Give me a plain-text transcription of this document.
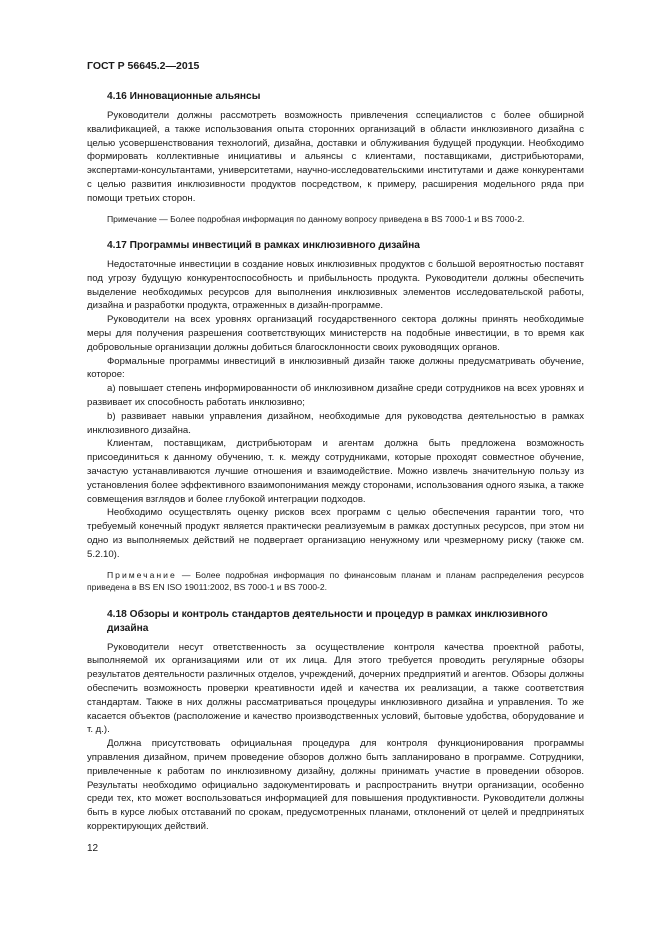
ГОСТ Р 56645.2—2015
4.16 Инновационные альянсы

Руководители должны рассмотреть возможность привлечения сспециалистов с более обширной квалификацией, а также использования опыта сторонних организаций в области инклюзивного дизайна с целью усовершенствования технологий, дизайна, доставки и облуживания будущей продукции. Необходимо формировать коллективные инициативы и альянсы с клиентами, поставщиками, дистрибьюторами, экспертами-консультантами, университетами, научно-исследовательскими институтами и даже конкурентами с целью развития инклюзивности продуктов посредством, к примеру, расширения модельного ряда при помощи третьих сторон.

Примечание — Более подробная информация по данному вопросу приведена в BS 7000-1 и BS 7000-2.

4.17 Программы инвестиций в рамках инклюзивного дизайна

Недостаточные инвестиции в создание новых инклюзивных продуктов с большой вероятностью поставят под угрозу будущую конкурентоспособность и прибыльность продукта. Руководители должны обеспечить выделение необходимых ресурсов для выполнения инклюзивных элементов исследовательской работы, дизайна и разработки продукта, отраженных в дизайн-программе.

Руководители на всех уровнях организаций государственного сектора должны принять необходимые меры для получения разрешения соответствующих министерств на подобные инвестиции, в то время как добровольные организации должны добиться благосклонности своих руководящих органов.

Формальные программы инвестиций в инклюзивный дизайн также должны предусматривать обучение, которое:

a) повышает степень информированности об инклюзивном дизайне среди сотрудников на всех уровнях и развивает их способность работать инклюзивно;

b) развивает навыки управления дизайном, необходимые для руководства деятельностью в рамках инклюзивного дизайна.

Клиентам, поставщикам, дистрибьюторам и агентам должна быть предложена возможность присоединиться к данному обучению, т. к. между сотрудниками, которые проходят совместное обучение, зачастую устанавливаются лучшие отношения и взаимодействие. Можно извлечь значительную пользу из установления более эффективного взаимопонимания между сторонами, использования одного языка, а также совмещения взглядов и более глубокой интеграции подходов.

Необходимо осуществлять оценку рисков всех программ с целью обеспечения гарантии того, что требуемый конечный продукт является практически реализуемым в рамках доступных ресурсов, при этом ни одно из выполняемых действий не подвергает организацию ненужному или чрезмерному риску (также см. 5.2.10).

Примечание — Более подробная информация по финансовым планам и планам распределения ресурсов приведена в BS EN ISO 19011:2002, BS 7000-1 и BS 7000-2.

4.18 Обзоры и контроль стандартов деятельности и процедур в рамках инклюзивного дизайна

Руководители несут ответственность за осуществление контроля качества проектной работы, выполняемой их организациями или от их лица. Для этого требуется проводить регулярные обзоры результатов деятельности различных отделов, учреждений, дочерних предприятий и агентов. Обзоры должны обеспечить возможность проверки креативности идей и качества их реализации, а также соответствия стандартам. Также в них должны рассматриваться процедуры инклюзивного дизайна и управления. То же касается объектов (расположение и качество производственных условий, бытовые удобства, оборудование и т. д.).

Должна присутствовать официальная процедура для контроля функционирования программы управления дизайном, причем проведение обзоров должно быть запланировано в программе. Сотрудники, привлеченные к работам по инклюзивному дизайну, должны принимать участие в проведении обзоров. Результаты необходимо официально задокументировать и распространить внутри организации, особенно среди тех, кто может воспользоваться информацией для повышения продуктивности. Руководители должны быть в курсе любых отставаний по срокам, предусмотренных планами, отклонений от целей и предпринятых корректирующих действий.

12
